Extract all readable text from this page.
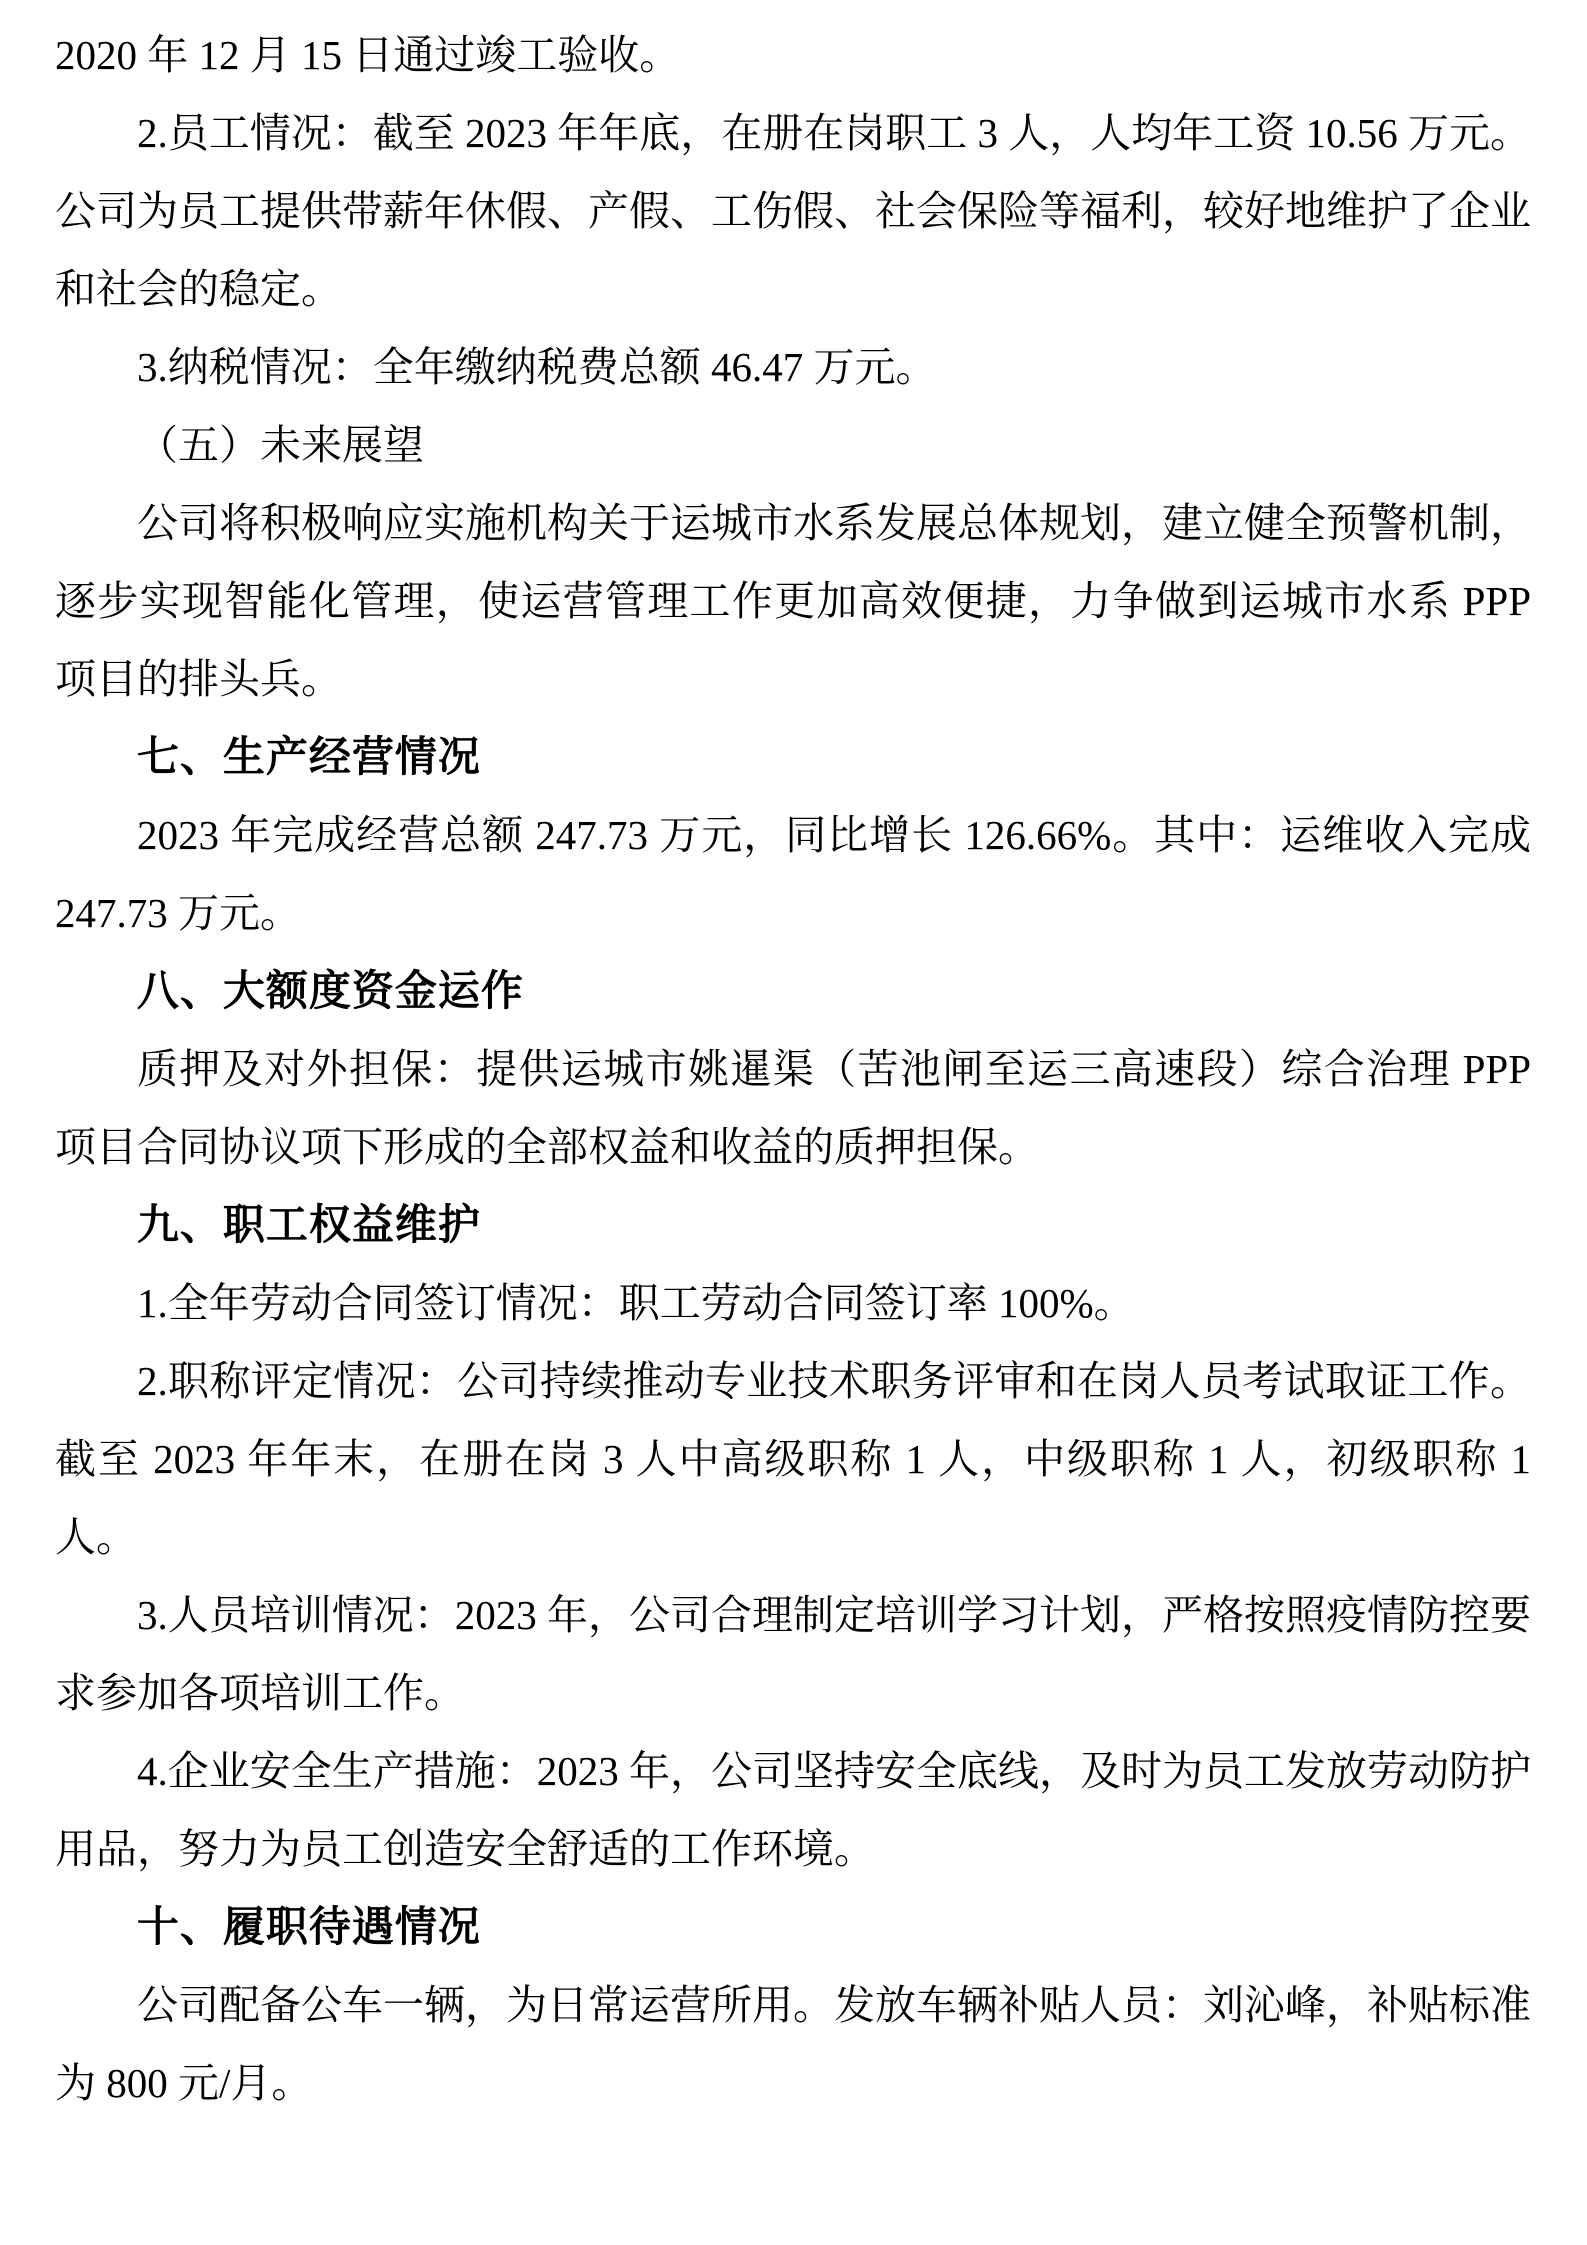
2020 年 12 月 15 日通过竣工验收。

2.员工情况：截至 2023 年年底，在册在岗职工 3 人，人均年工资 10.56 万元。公司为员工提供带薪年休假、产假、工伤假、社会保险等福利，较好地维护了企业和社会的稳定。

3.纳税情况：全年缴纳税费总额 46.47 万元。

（五）未来展望

公司将积极响应实施机构关于运城市水系发展总体规划，建立健全预警机制，逐步实现智能化管理，使运营管理工作更加高效便捷，力争做到运城市水系 PPP 项目的排头兵。

七、生产经营情况

2023 年完成经营总额 247.73 万元，同比增长 126.66%。其中：运维收入完成 247.73 万元。

八、大额度资金运作

质押及对外担保：提供运城市姚暹渠（苦池闸至运三高速段）综合治理 PPP 项目合同协议项下形成的全部权益和收益的质押担保。

九、职工权益维护

1.全年劳动合同签订情况：职工劳动合同签订率 100%。

2.职称评定情况：公司持续推动专业技术职务评审和在岗人员考试取证工作。截至 2023 年年末，在册在岗 3 人中高级职称 1 人，中级职称 1 人，初级职称 1 人。

3.人员培训情况：2023 年，公司合理制定培训学习计划，严格按照疫情防控要求参加各项培训工作。

4.企业安全生产措施：2023 年，公司坚持安全底线，及时为员工发放劳动防护用品，努力为员工创造安全舒适的工作环境。

十、履职待遇情况

公司配备公车一辆，为日常运营所用。发放车辆补贴人员：刘沁峰，补贴标准为 800 元/月。
